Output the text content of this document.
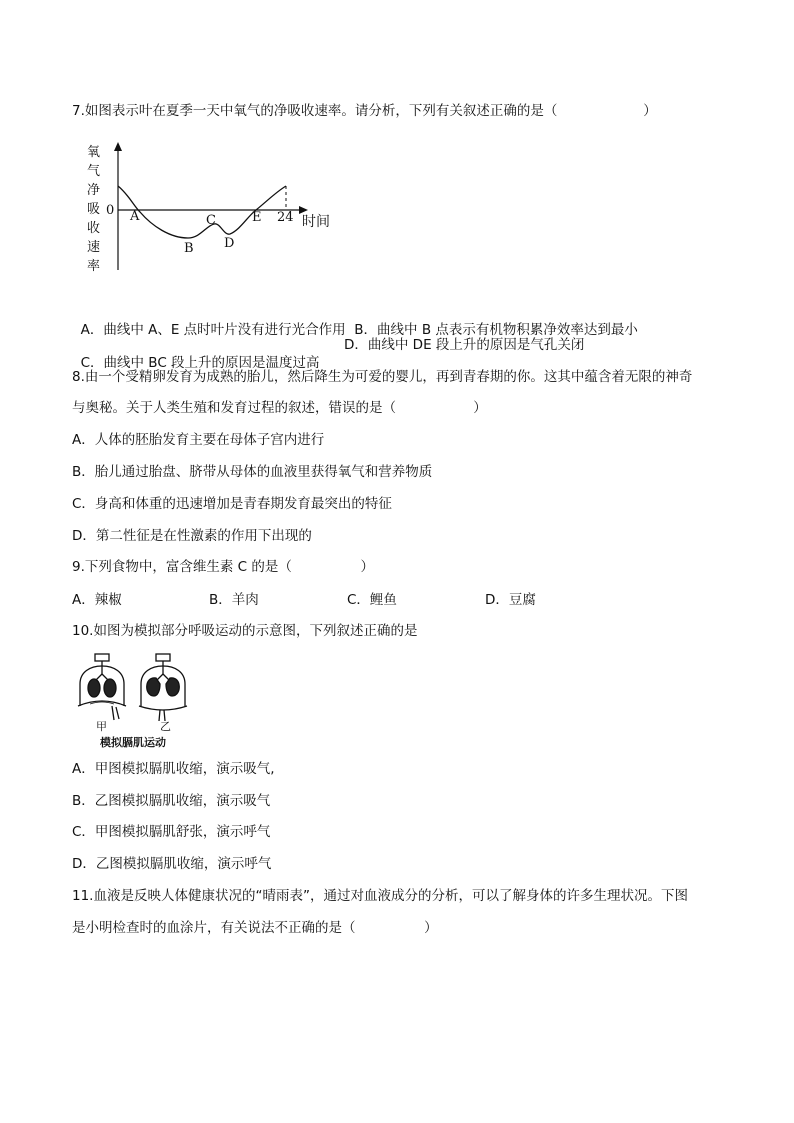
7.如图表示叶在夏季一天中氧气的净吸收速率。请分析，下列有关叙述正确的是（                    ）
氧
气
净
吸
收
速
率
0 A
B
C
D
E 24 时间

A．曲线中 A、E 点时叶片没有进行光合作用 B．曲线中 B 点表示有机物积累净效率达到最小

C．曲线中 BC 段上升的原因是温度过高

D．曲线中 DE 段上升的原因是气孔关闭
8.由一个受精卵发育为成熟的胎儿，然后降生为可爱的婴儿，再到青春期的你。这其中蕴含着无限的神奇
与奥秘。关于人类生殖和发育过程的叙述，错误的是（                  ）
A．人体的胚胎发育主要在母体子宫内进行
B．胎儿通过胎盘、脐带从母体的血液里获得氧气和营养物质
C．身高和体重的迅速增加是青春期发育最突出的特征
D．第二性征是在性激素的作用下出现的
9.下列食物中，富含维生素 C 的是（                ）
A．辣椒	B．羊肉	C．鲤鱼	D．豆腐
10.如图为模拟部分呼吸运动的示意图，下列叙述正确的是
甲	乙
模拟膈肌运动
A．甲图模拟膈肌收缩，演示吸气,
B．乙图模拟膈肌收缩，演示吸气
C．甲图模拟膈肌舒张，演示呼气
D．乙图模拟膈肌收缩，演示呼气
11.血液是反映人体健康状况的“晴雨表”，通过对血液成分的分析，可以了解身体的许多生理状况。下图
是小明检查时的血涂片，有关说法不正确的是（                ）
